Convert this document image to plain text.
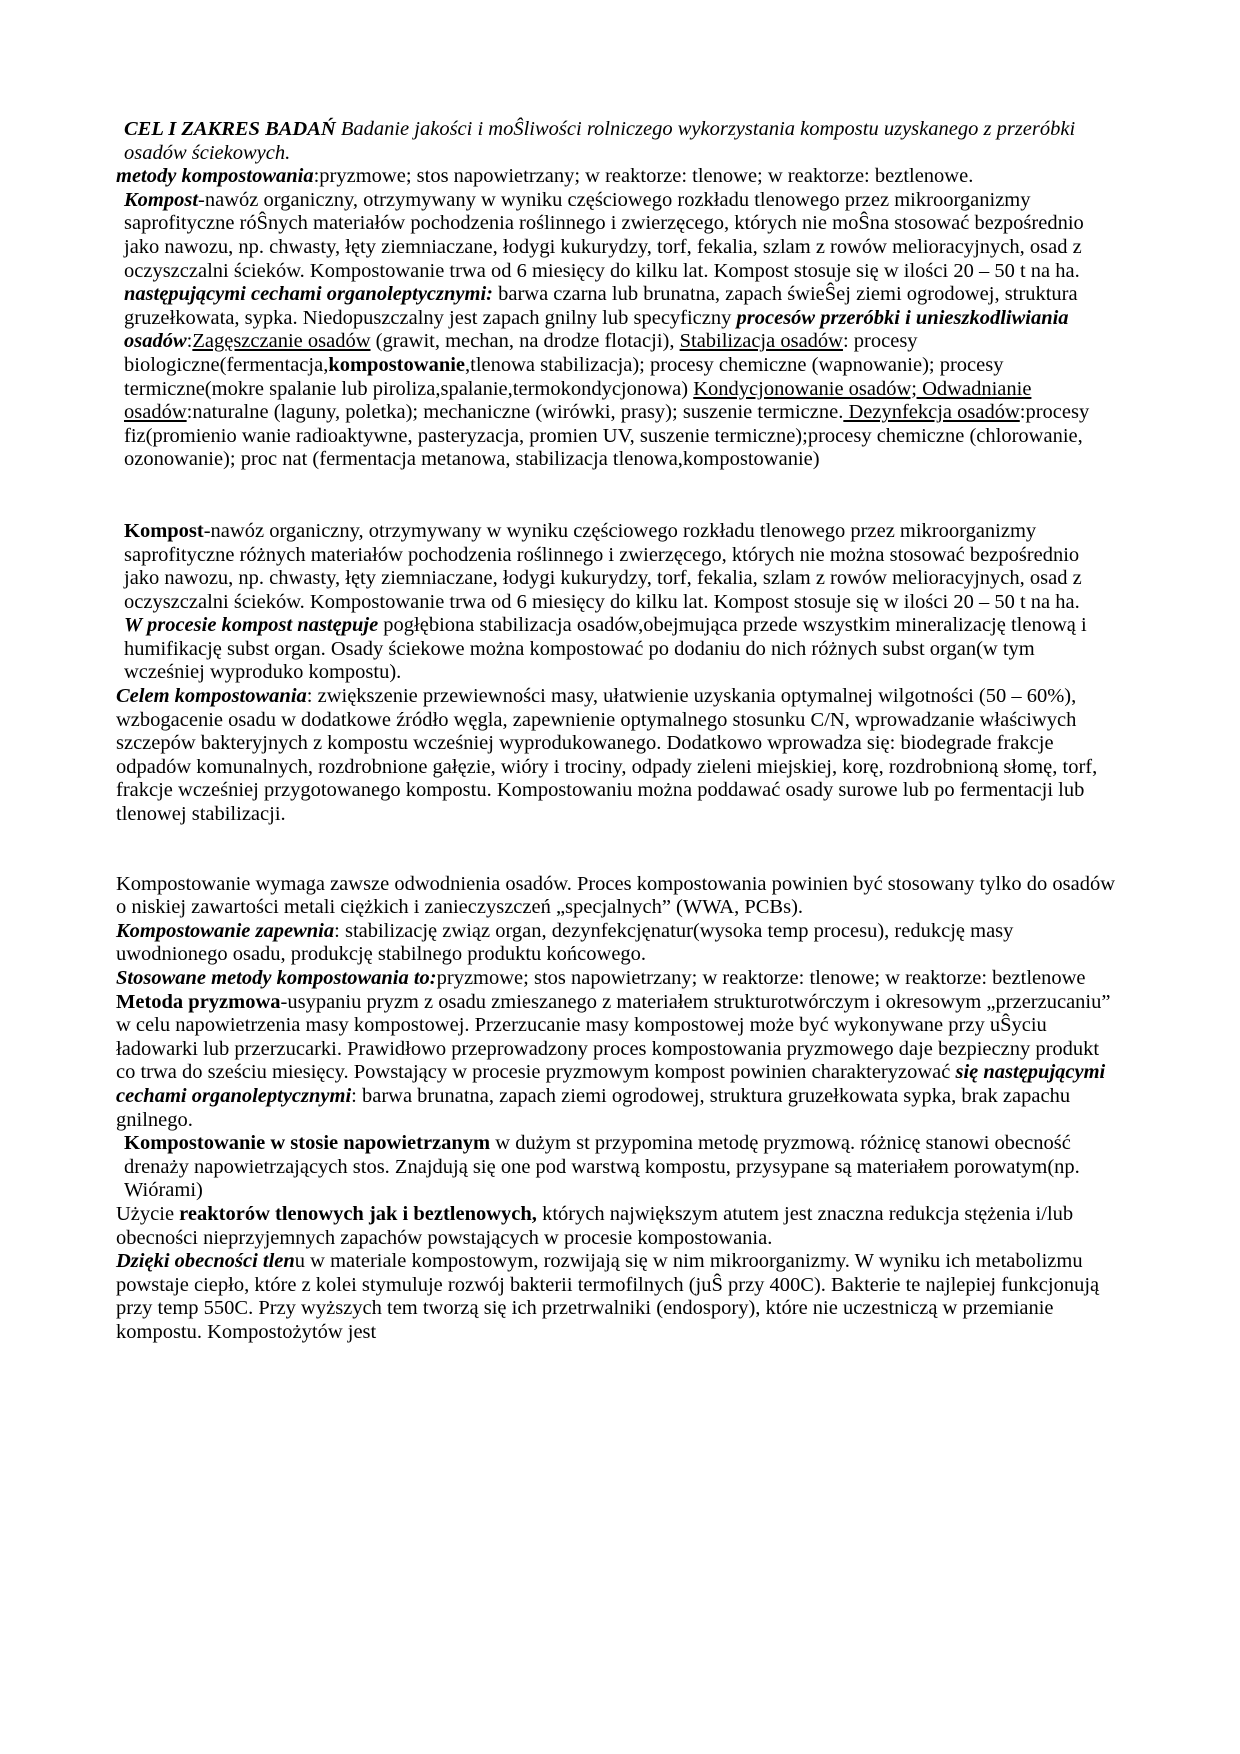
CEL I ZAKRES BADAŃ Badanie jakości i moŜliwości rolniczego wykorzystania kompostu uzyskanego z przeróbki osadów ściekowych.

metody kompostowania:pryzmowe; stos napowietrzany; w reaktorze: tlenowe; w reaktorze: beztlenowe.

Kompost-nawóz organiczny, otrzymywany w wyniku częściowego rozkładu tlenowego przez mikroorganizmy saprofityczne róŜnych materiałów pochodzenia roślinnego i zwierzęcego, których nie moŜna stosować bezpośrednio jako nawozu, np. chwasty, łęty ziemniaczane, łodygi kukurydzy, torf, fekalia, szlam z rowów melioracyjnych, osad z oczyszczalni ścieków. Kompostowanie trwa od 6 miesięcy do kilku lat. Kompost stosuje się w ilości 20 – 50 t na ha.

następującymi cechami organoleptycznymi: barwa czarna lub brunatna, zapach świeŜej ziemi ogrodowej, struktura gruzełkowata, sypka. Niedopuszczalny jest zapach gnilny lub specyficzny procesów przeróbki i unieszkodliwiania osadów:Zagęszczanie osadów (grawit, mechan, na drodze flotacji), Stabilizacja osadów: procesy biologiczne(fermentacja,kompostowanie,tlenowa stabilizacja); procesy chemiczne (wapnowanie); procesy termiczne(mokre spalanie lub piroliza,spalanie,termokondycjonowa) Kondycjonowanie osadów; Odwadnianie osadów:naturalne (laguny, poletka); mechaniczne (wirówki, prasy); suszenie termiczne. Dezynfekcja osadów:procesy fiz(promienio wanie radioaktywne, pasteryzacja, promien UV, suszenie termiczne);procesy chemiczne (chlorowanie, ozonowanie); proc nat (fermentacja metanowa, stabilizacja tlenowa,kompostowanie)

Kompost-nawóz organiczny, otrzymywany w wyniku częściowego rozkładu tlenowego przez mikroorganizmy saprofityczne różnych materiałów pochodzenia roślinnego i zwierzęcego, których nie można stosować bezpośrednio jako nawozu, np. chwasty, łęty ziemniaczane, łodygi kukurydzy, torf, fekalia, szlam z rowów melioracyjnych, osad z oczyszczalni ścieków. Kompostowanie trwa od 6 miesięcy do kilku lat. Kompost stosuje się w ilości 20 – 50 t na ha.

W procesie kompost następuje pogłębiona stabilizacja osadów,obejmująca przede wszystkim mineralizację tlenową i humifikację subst organ. Osady ściekowe można kompostować po dodaniu do nich różnych subst organ(w tym wcześniej wyproduko kompostu).

Celem kompostowania: zwiększenie przewiewności masy, ułatwienie uzyskania optymalnej wilgotności (50 – 60%), wzbogacenie osadu w dodatkowe źródło węgla, zapewnienie optymalnego stosunku C/N, wprowadzanie właściwych szczepów bakteryjnych z kompostu wcześniej wyprodukowanego. Dodatkowo wprowadza się: biodegrade frakcje odpadów komunalnych, rozdrobnione gałęzie, wióry i trociny, odpady zieleni miejskiej, korę, rozdrobnioną słomę, torf, frakcje wcześniej przygotowanego kompostu. Kompostowaniu można poddawać osady surowe lub po fermentacji lub tlenowej stabilizacji.

Kompostowanie wymaga zawsze odwodnienia osadów. Proces kompostowania powinien być stosowany tylko do osadów o niskiej zawartości metali ciężkich i zanieczyszczeń „specjalnych” (WWA, PCBs).

Kompostowanie zapewnia: stabilizację związ organ, dezynfekcjęnatur(wysoka temp procesu), redukcję masy uwodnionego osadu, produkcję stabilnego produktu końcowego.

Stosowane metody kompostowania to:pryzmowe; stos napowietrzany; w reaktorze: tlenowe; w reaktorze: beztlenowe

Metoda pryzmowa-usypaniu pryzm z osadu zmieszanego z materiałem strukturotwórczym i okresowym „przerzucaniu” w celu napowietrzenia masy kompostowej. Przerzucanie masy kompostowej może być wykonywane przy uŜyciu ładowarki lub przerzucarki. Prawidłowo przeprowadzony proces kompostowania pryzmowego daje bezpieczny produkt co trwa do sześciu miesięcy. Powstający w procesie pryzmowym kompost powinien charakteryzować się następującymi cechami organoleptycznymi: barwa brunatna, zapach ziemi ogrodowej, struktura gruzełkowata sypka, brak zapachu gnilnego.

Kompostowanie w stosie napowietrzanym w dużym st przypomina metodę pryzmową. różnicę stanowi obecność drenaży napowietrzających stos. Znajdują się one pod warstwą kompostu, przysypane są materiałem porowatym(np. Wiórami)

Użycie reaktorów tlenowych jak i beztlenowych, których największym atutem jest znaczna redukcja stężenia i/lub obecności nieprzyjemnych zapachów powstających w procesie kompostowania.

Dzięki obecności tlenu w materiale kompostowym, rozwijają się w nim mikroorganizmy. W wyniku ich metabolizmu powstaje ciepło, które z kolei stymuluje rozwój bakterii termofilnych (juŜ przy 400C). Bakterie te najlepiej funkcjonują przy temp 550C. Przy wyższych tem tworzą się ich przetrwalniki (endospory), które nie uczestniczą w przemianie kompostu. Kompostożytów jest
